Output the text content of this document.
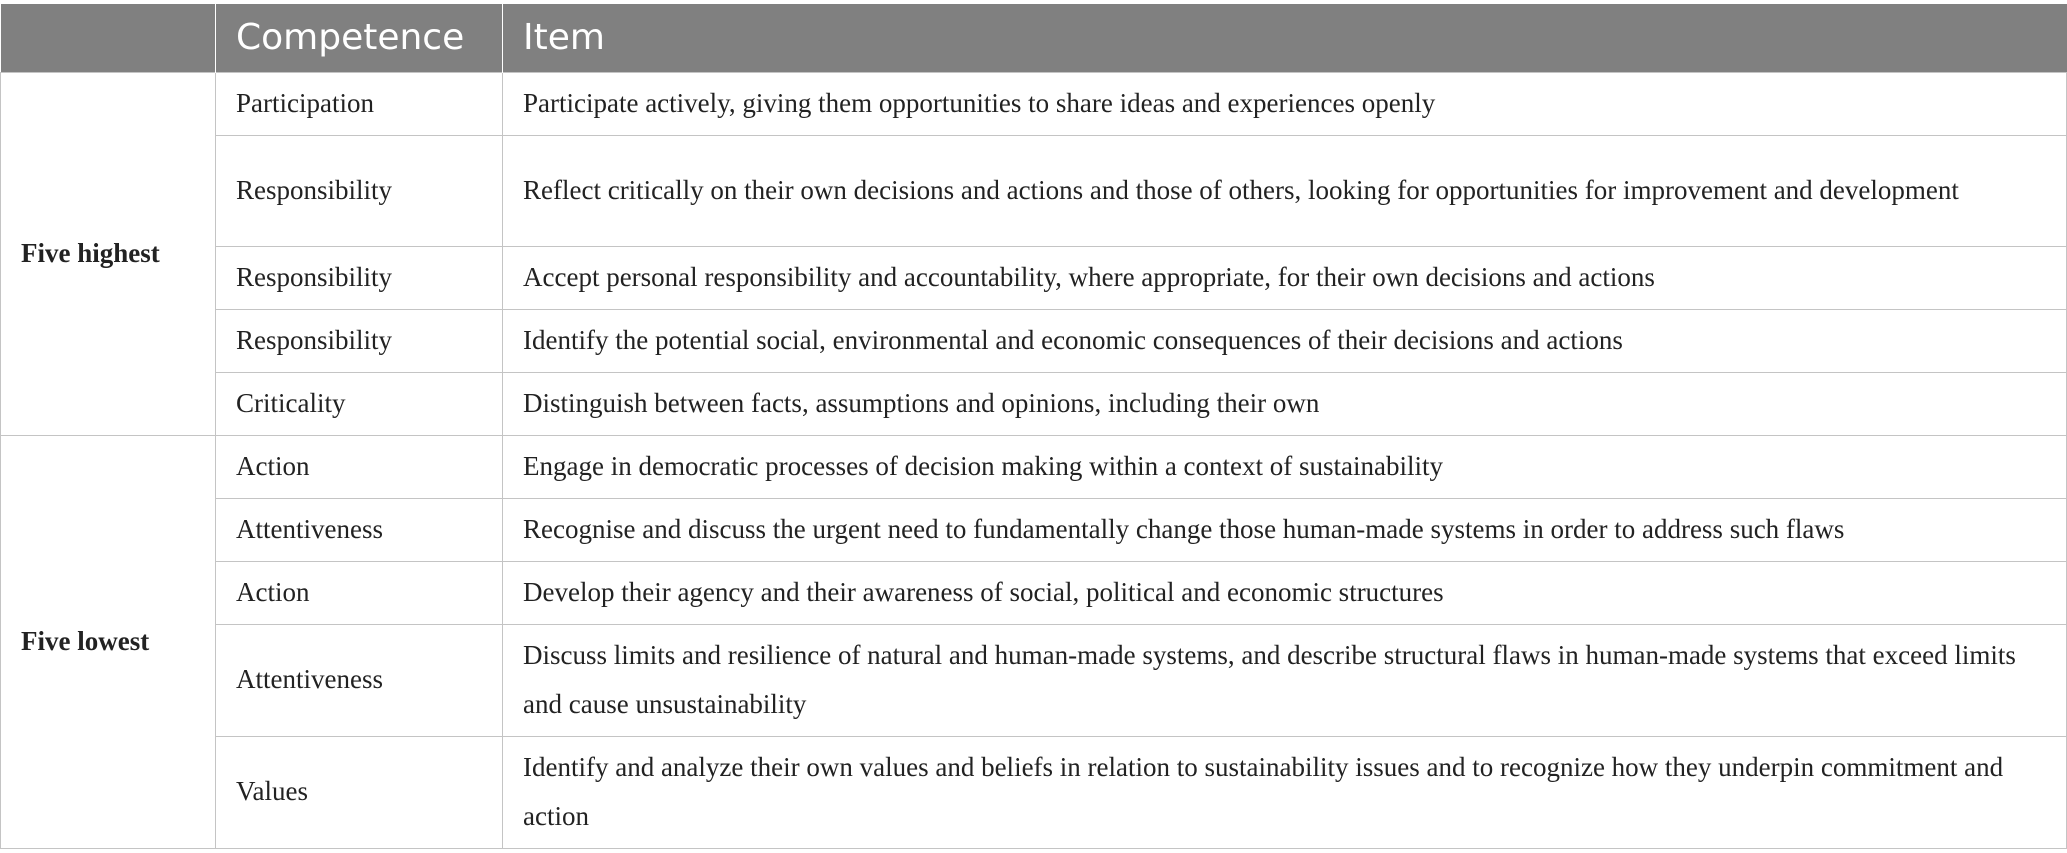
	Competence	Item
Five highest	Participation	Participate actively, giving them opportunities to share ideas and experiences openly
	Responsibility	Reflect critically on their own decisions and actions and those of others, looking for opportunities for improvement and development
	Responsibility	Accept personal responsibility and accountability, where appropriate, for their own decisions and actions
	Responsibility	Identify the potential social, environmental and economic consequences of their decisions and actions
	Criticality	Distinguish between facts, assumptions and opinions, including their own
Five lowest	Action	Engage in democratic processes of decision making within a context of sustainability
	Attentiveness	Recognise and discuss the urgent need to fundamentally change those human-made systems in order to address such flaws
	Action	Develop their agency and their awareness of social, political and economic structures
	Attentiveness	Discuss limits and resilience of natural and human-made systems, and describe structural flaws in human-made systems that exceed limits and cause unsustainability
	Values	Identify and analyze their own values and beliefs in relation to sustainability issues and to recognize how they underpin commitment and action
